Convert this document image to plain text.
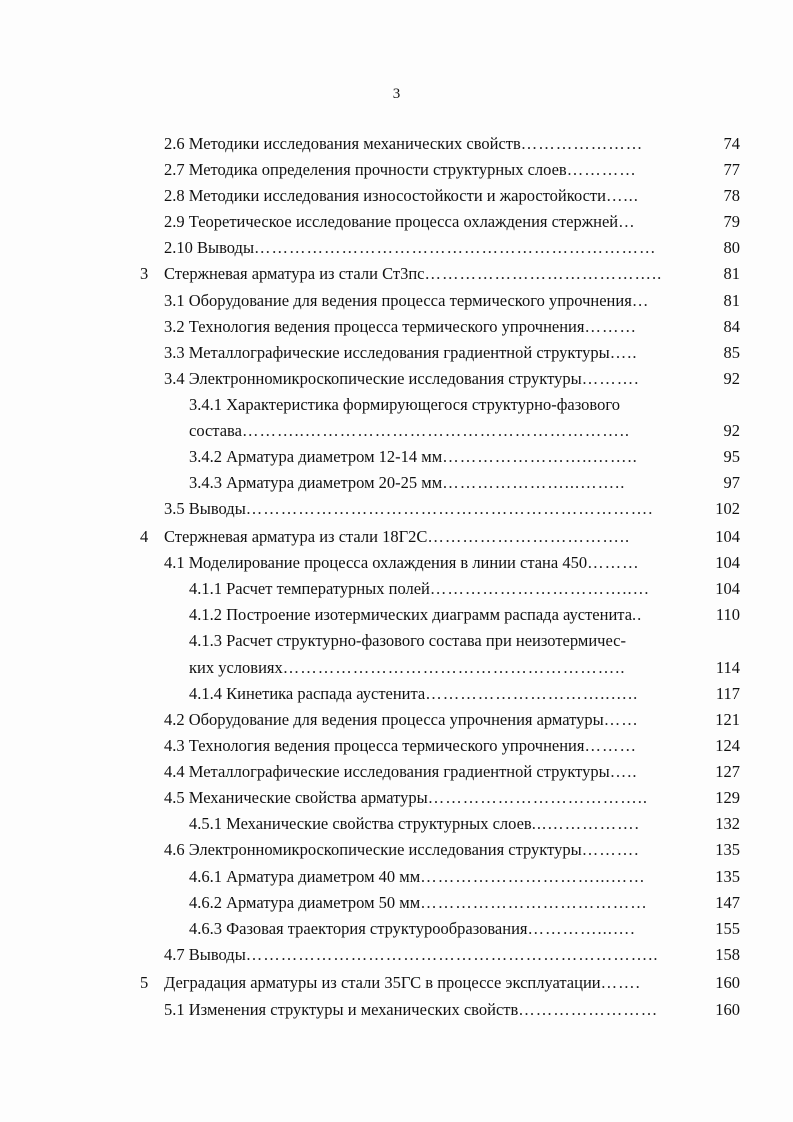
3
2.6 Методики исследования механических свойств…………………	74
2.7 Методика определения прочности структурных слоев…………	77
2.8 Методики исследования износостойкости и жаростойкости…...	78
2.9 Теоретическое исследование процесса охлаждения стержней…	79
2.10 Выводы……………………………………………………………	80
3 Стержневая арматура из стали Ст3пс…………………………………..	81
3.1 Оборудование для ведения процесса термического упрочнения…	81
3.2 Технология ведения процесса термического упрочнения………	84
3.3 Металлографические исследования градиентной структуры…..	85
3.4 Электронномикроскопические исследования структуры……….	92
3.4.1 Характеристика формирующегося структурно-фазового
состава………..………………………………………………..	92
3.4.2 Арматура диаметром 12-14 мм……………………..……..	95
3.4.3 Арматура диаметром 20-25 мм…………………...……..	97
3.5 Выводы…………………………………………………………….	102
4 Стержневая арматура из стали 18Г2С……………………………..	104
4.1 Моделирование процесса охлаждения в линии стана 450………	104
4.1.1 Расчет температурных полей……………………………..…	104
4.1.2 Построение изотермических диаграмм распада аустенита..	110
4.1.3 Расчет структурно-фазового состава при неизотермичес-
ких условиях…………………………………………………..	114
4.1.4 Кинетика распада аустенита…………………………..…..	117
4.2 Оборудование для ведения процесса упрочнения арматуры……	121
4.3 Технология ведения процесса термического упрочнения………	124
4.4 Металлографические исследования градиентной структуры…..	127
4.5 Механические свойства арматуры………………………………..	129
4.5.1 Механические свойства структурных слоев...…………….	132
4.6 Электронномикроскопические исследования структуры……….	135
4.6.1 Арматура диаметром 40 мм…………………………...……	135
4.6.2 Арматура диаметром 50 мм…………………………………	147
4.6.3 Фазовая траектория структурообразования…………...….	155
4.7 Выводы……………………………………………………………..	158
5 Деградация арматуры из стали 35ГС в процессе эксплуатации…….	160
5.1 Изменения структуры и механических свойств……………………	160
